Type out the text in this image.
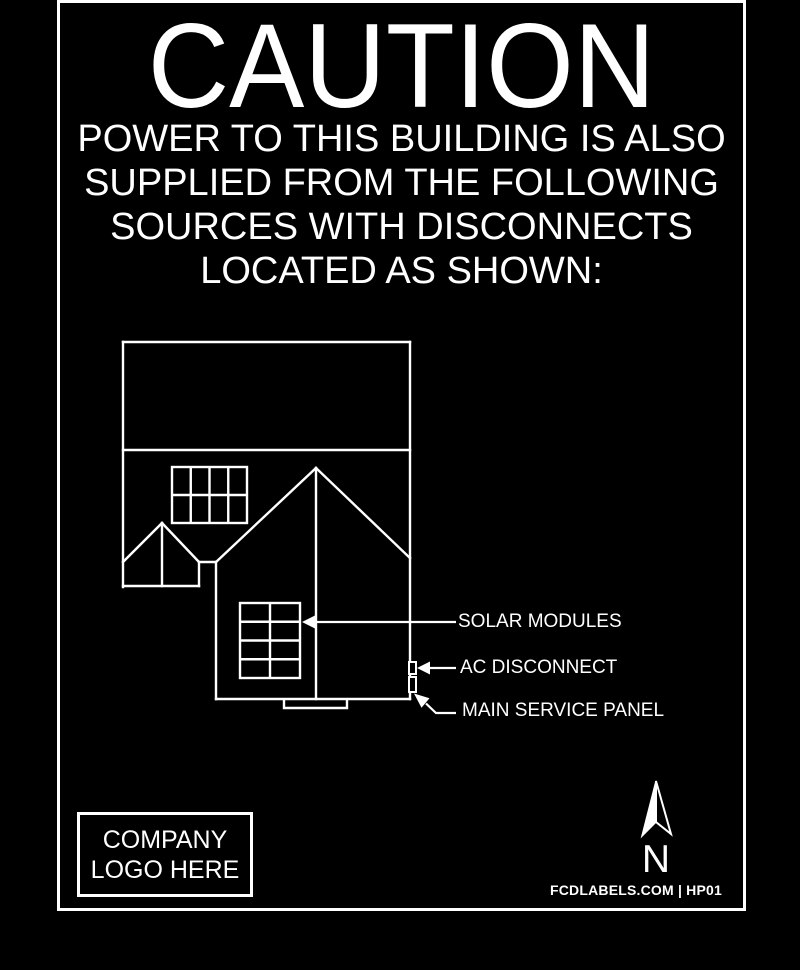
CAUTION
POWER TO THIS BUILDING IS ALSO
SUPPLIED FROM THE FOLLOWING
SOURCES WITH DISCONNECTS
LOCATED AS SHOWN:
SOLAR MODULES
AC DISCONNECT
MAIN SERVICE PANEL
COMPANY
LOGO HERE	N
FCDLABELS.COM | HP01
